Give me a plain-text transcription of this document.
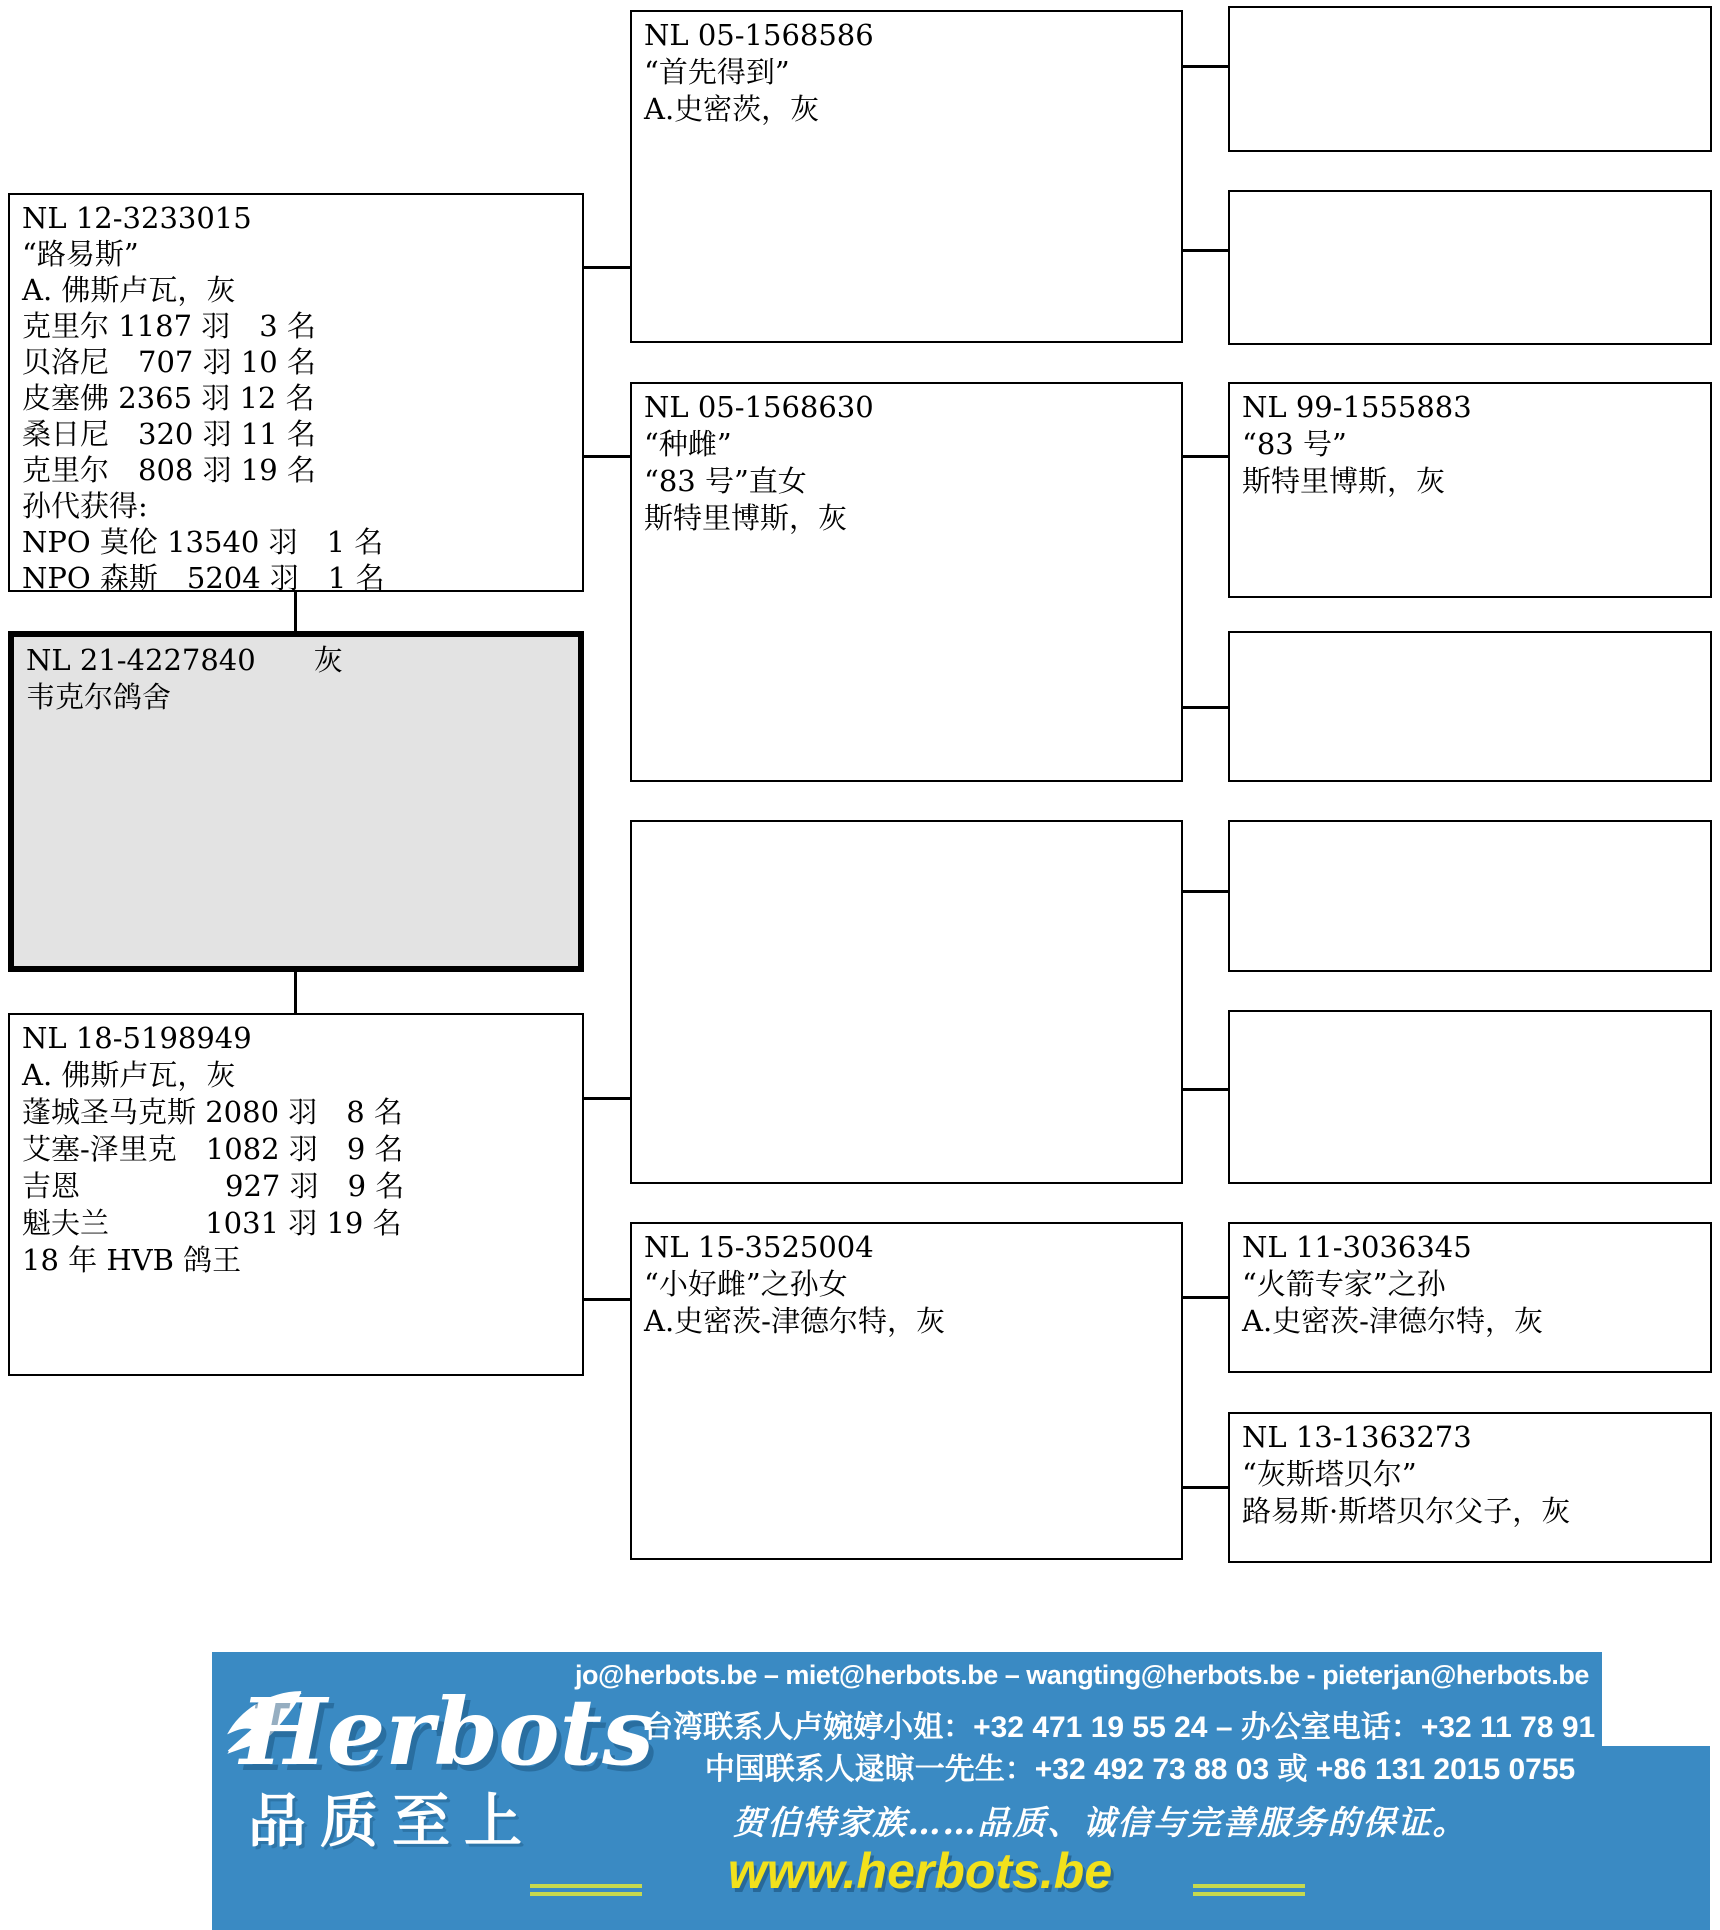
NL 12-3233015
“路易斯”
A. 佛斯卢瓦，灰
克里尔 1187 羽　3 名
贝洛尼　707 羽 10 名
皮塞佛 2365 羽 12 名
桑日尼　320 羽 11 名
克里尔　808 羽 19 名
孙代获得:
NPO 莫伦 13540 羽　1 名
NPO 森斯　5204 羽　1 名
NL 21-4227840　　灰
韦克尔鸽舍
NL 18-5198949
A. 佛斯卢瓦，灰
蓬城圣马克斯 2080 羽　8 名
艾塞-泽里克　1082 羽　9 名
吉恩　　　　　927 羽　9 名
魁夫兰　　　 1031 羽 19 名
18 年 HVB 鸽王
NL 05-1568586
“首先得到”
A.史密茨，灰
NL 05-1568630
“种雌”
“83 号”直女
斯特里博斯，灰
NL 15-3525004
“小好雌”之孙女
A.史密茨-津德尔特，灰
NL 99-1555883
“83 号”
斯特里博斯，灰
NL 11-3036345
“火箭专家”之孙
A.史密茨-津德尔特，灰
NL 13-1363273
“灰斯塔贝尔”
路易斯·斯塔贝尔父子，灰
Herbots
品质至上
jo@herbots.be – miet@herbots.be – wangting@herbots.be - pieterjan@herbots.be
台湾联系人卢婉婷小姐：+32 471 19 55 24 – 办公室电话：+32 11 78 91 90
中国联系人逯晾一先生：+32 492 73 88 03 或 +86 131 2015 0755
贺伯特家族……品质、诚信与完善服务的保证。
www.herbots.be
